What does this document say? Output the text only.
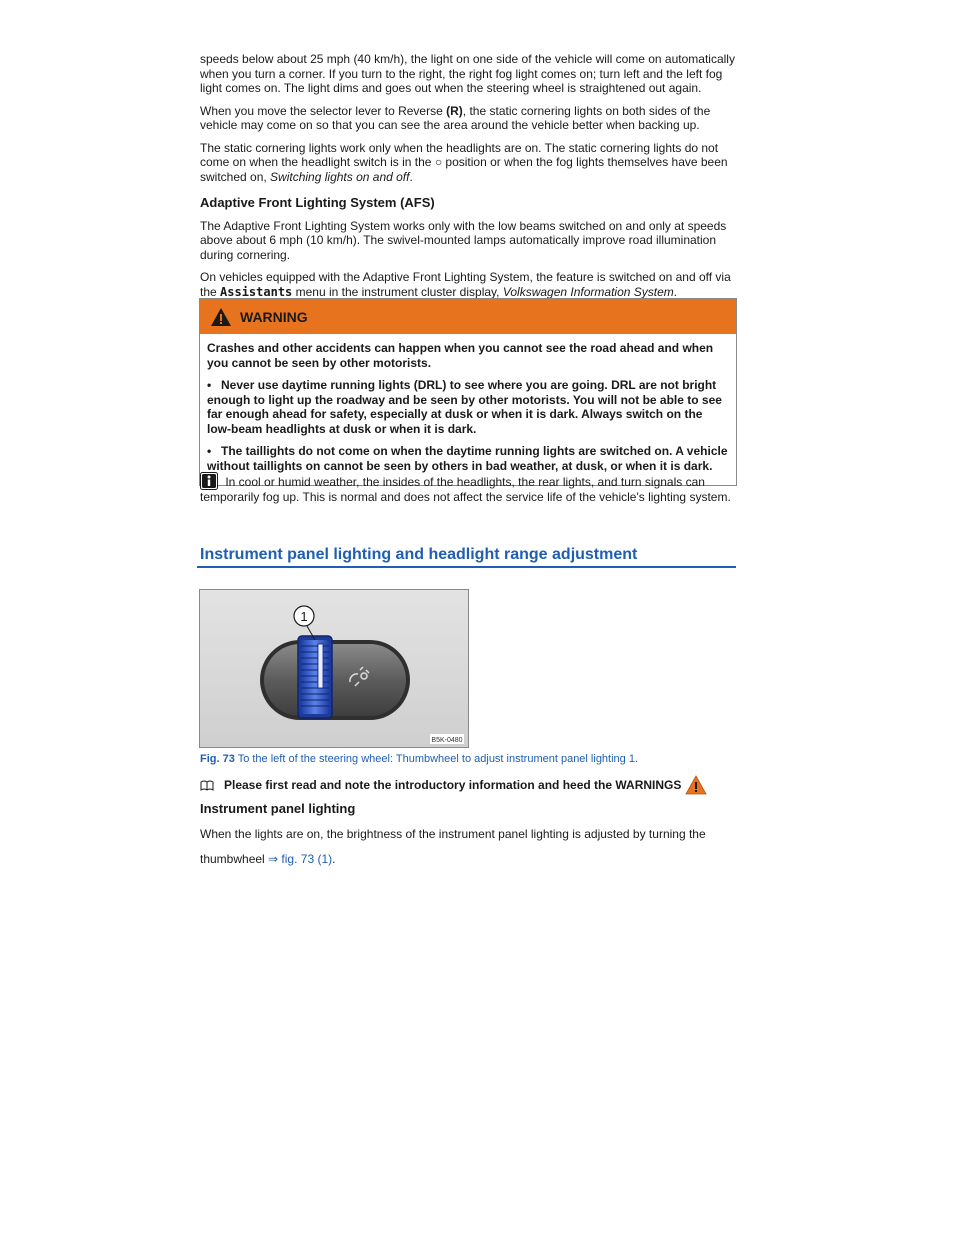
speeds below about 25 mph (40 km/h), the light on one side of the vehicle will come on automatically when you turn a corner. If you turn to the right, the right fog light comes on; turn left and the left fog light comes on. The light dims and goes out when the steering wheel is straightened out again.

When you move the selector lever to Reverse (R), the static cornering lights on both sides of the vehicle may come on so that you can see the area around the vehicle better when backing up.

The static cornering lights work only when the headlights are on. The static cornering lights do not come on when the headlight switch is in the ○ position or when the fog lights themselves have been switched on, Switching lights on and off.

Adaptive Front Lighting System (AFS)

The Adaptive Front Lighting System works only with the low beams switched on and only at speeds above about 6 mph (10 km/h). The swivel-mounted lamps automatically improve road illumination during cornering.

On vehicles equipped with the Adaptive Front Lighting System, the feature is switched on and off via the Assistants menu in the instrument cluster display, Volkswagen Information System.

WARNING

Crashes and other accidents can happen when you cannot see the road ahead and when you cannot be seen by other motorists.

• Never use daytime running lights (DRL) to see where you are going. DRL are not bright enough to light up the roadway and be seen by other motorists. You will not be able to see far enough ahead for safety, especially at dusk or when it is dark. Always switch on the low-beam headlights at dusk or when it is dark.

• The taillights do not come on when the daytime running lights are switched on. A vehicle without taillights on cannot be seen by others in bad weather, at dusk, or when it is dark.

In cool or humid weather, the insides of the headlights, the rear lights, and turn signals can temporarily fog up. This is normal and does not affect the service life of the vehicle's lighting system.
Instrument panel lighting and headlight range adjustment
1
B5K-0480
Fig. 73 To the left of the steering wheel: Thumbwheel to adjust instrument panel lighting 1.
Please first read and note the introductory information and heed the WARNINGS
Instrument panel lighting
When the lights are on, the brightness of the instrument panel lighting is adjusted by turning the
thumbwheel ⇒ fig. 73 (1).
